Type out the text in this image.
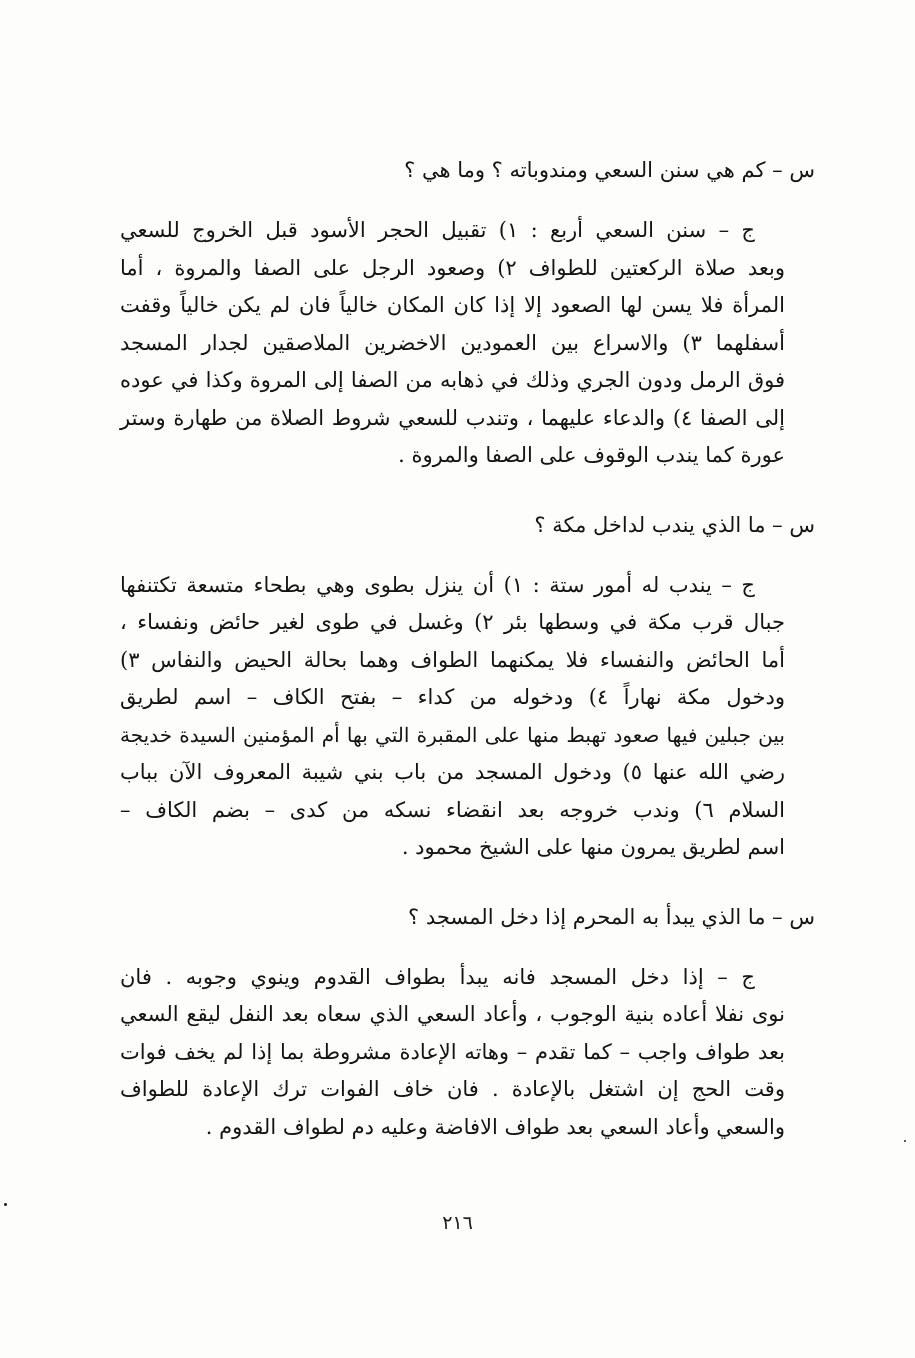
س – كم هي سنن السعي ومندوباته ؟ وما هي ؟
ج – سنن السعي أربع : ١) تقبيل الحجر الأسود قبل الخروج للسعي
وبعد صلاة الركعتين للطواف ٢) وصعود الرجل على الصفا والمروة ، أما
المرأة فلا يسن لها الصعود إلا إذا كان المكان خالياً فان لم يكن خالياً وقفت
أسفلهما ٣) والاسراع بين العمودين الاخضرين الملاصقين لجدار المسجد
فوق الرمل ودون الجري وذلك في ذهابه من الصفا إلى المروة وكذا في عوده
إلى الصفا ٤) والدعاء عليهما ، وتندب للسعي شروط الصلاة من طهارة وستر
عورة كما يندب الوقوف على الصفا والمروة .
س – ما الذي يندب لداخل مكة ؟
ج – يندب له أمور ستة : ١) أن ينزل بطوى وهي بطحاء متسعة تكتنفها
جبال قرب مكة في وسطها بئر ٢) وغسل في طوى لغير حائض ونفساء ،
أما الحائض والنفساء فلا يمكنهما الطواف وهما بحالة الحيض والنفاس ٣)
ودخول مكة نهاراً ٤) ودخوله من كداء – بفتح الكاف – اسم لطريق
بين جبلين فيها صعود تهبط منها على المقبرة التي بها أم المؤمنين السيدة خديجة
رضي الله عنها ٥) ودخول المسجد من باب بني شيبة المعروف الآن بباب
السلام ٦) وندب خروجه بعد انقضاء نسكه من كدى – بضم الكاف –
اسم لطريق يمرون منها على الشيخ محمود .
س – ما الذي يبدأ به المحرم إذا دخل المسجد ؟
ج – إذا دخل المسجد فانه يبدأ بطواف القدوم وينوي وجوبه . فان
نوى نفلا أعاده بنية الوجوب ، وأعاد السعي الذي سعاه بعد النفل ليقع السعي
بعد طواف واجب – كما تقدم – وهاته الإعادة مشروطة بما إذا لم يخف فوات
وقت الحج إن اشتغل بالإعادة . فان خاف الفوات ترك الإعادة للطواف
والسعي وأعاد السعي بعد طواف الافاضة وعليه دم لطواف القدوم .
٢١٦
